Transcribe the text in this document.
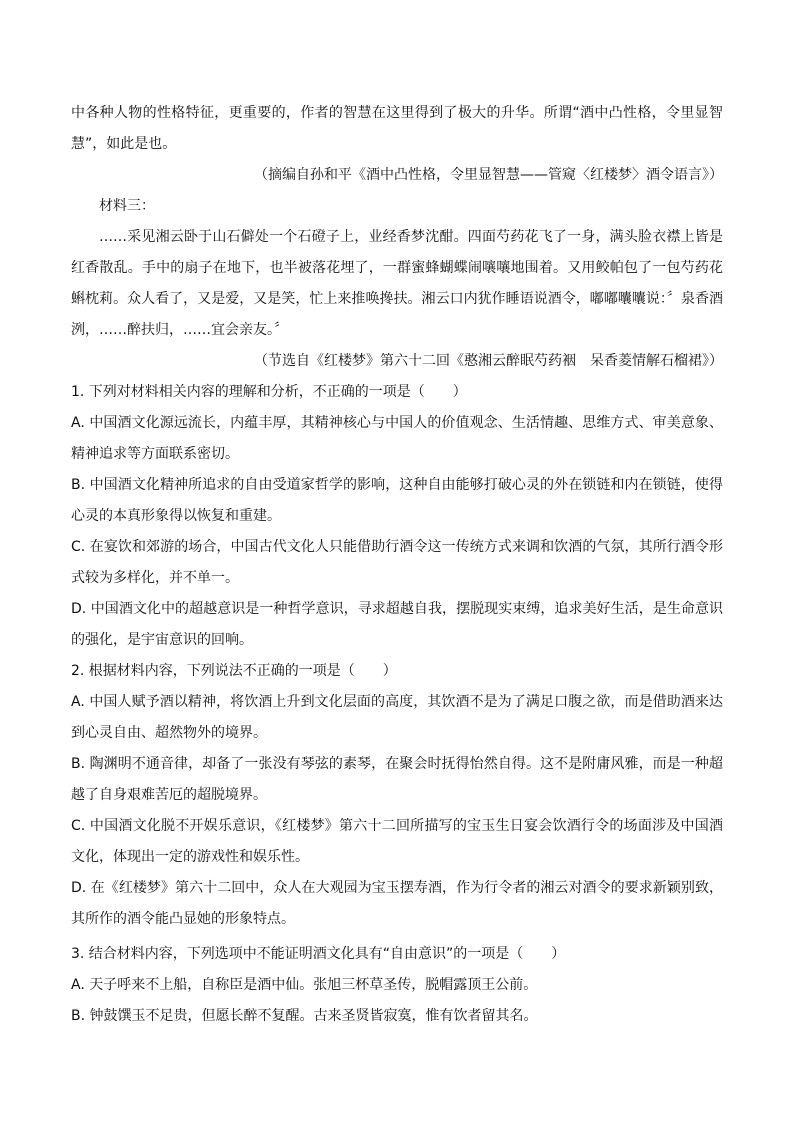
中各种人物的性格特征，更重要的，作者的智慧在这里得到了极大的升华。所谓“酒中凸性格，令里显智慧”，如此是也。

（摘编自孙和平《酒中凸性格，令里显智慧——管窥〈红楼梦〉酒令语言》）

材料三：

……采见湘云卧于山石僻处一个石磴子上，业经香梦沈酣。四面芍药花飞了一身，满头脸衣襟上皆是红香散乱。手中的扇子在地下，也半被落花埋了，一群蜜蜂蝴蝶闹嚷嚷地围着。又用鲛帕包了一包芍药花蝌枕莉。众人看了，又是爱，又是笑，忙上来推唤搀扶。湘云口内犹作睡语说酒令，嘟嘟囔囔说：〞泉香酒洌，……醉扶归，……宜会亲友。〞

（节选自《红楼梦》第六十二回《憨湘云醉眠芍药裀　呆香菱情解石榴裙》）

1. 下列对材料相关内容的理解和分析，不正确的一项是（　　）

A. 中国酒文化源远流长，内蕴丰厚，其精神核心与中国人的价值观念、生活情趣、思维方式、审美意象、精神追求等方面联系密切。

B. 中国酒文化精神所追求的自由受道家哲学的影响，这种自由能够打破心灵的外在锁链和内在锁链，使得心灵的本真形象得以恢复和重建。

C. 在宴饮和郊游的场合，中国古代文化人只能借助行酒令这一传统方式来调和饮酒的气氛，其所行酒令形式较为多样化，并不单一。

D. 中国酒文化中的超越意识是一种哲学意识，寻求超越自我，摆脱现实束缚，追求美好生活，是生命意识的强化，是宇宙意识的回响。

2. 根据材料内容，下列说法不正确的一项是（　　）

A. 中国人赋予酒以精神，将饮酒上升到文化层面的高度，其饮酒不是为了满足口腹之欲，而是借助酒来达到心灵自由、超然物外的境界。

B. 陶渊明不通音律，却备了一张没有琴弦的素琴，在聚会时抚得怡然自得。这不是附庸风雅，而是一种超越了自身艰难苦厄的超脱境界。

C. 中国酒文化脱不开娱乐意识，《红楼梦》第六十二回所描写的宝玉生日宴会饮酒行令的场面涉及中国酒文化，体现出一定的游戏性和娱乐性。

D. 在《红楼梦》第六十二回中，众人在大观园为宝玉摆寿酒，作为行令者的湘云对酒令的要求新颖别致，其所作的酒令能凸显她的形象特点。

3. 结合材料内容，下列选项中不能证明酒文化具有“自由意识”的一项是（　　）

A. 天子呼来不上船，自称臣是酒中仙。张旭三杯草圣传，脱帽露顶王公前。

B. 钟鼓馔玉不足贵，但愿长醉不复醒。古来圣贤皆寂寞，惟有饮者留其名。
